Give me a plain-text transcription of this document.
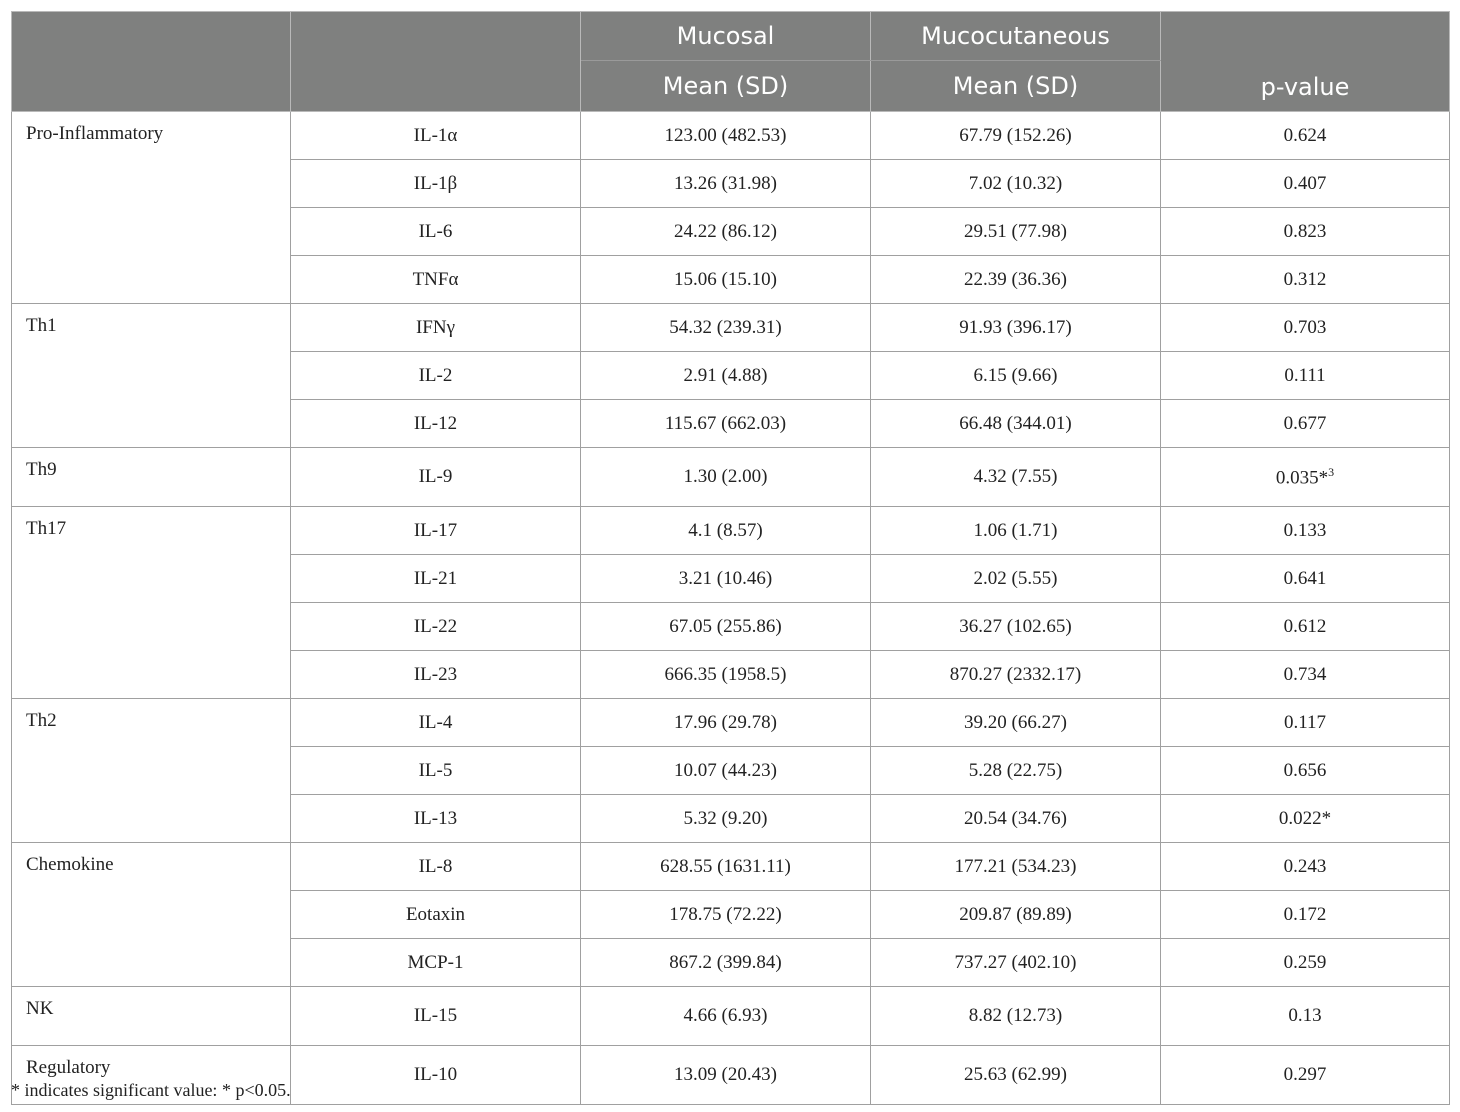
		Mucosal	Mucocutaneous	p-value
		Mean (SD)	Mean (SD)	
Pro-Inflammatory	IL-1α	123.00 (482.53)	67.79 (152.26)	0.624
	IL-1β	13.26 (31.98)	7.02 (10.32)	0.407
	IL-6	24.22 (86.12)	29.51 (77.98)	0.823
	TNFα	15.06 (15.10)	22.39 (36.36)	0.312
Th1	IFNγ	54.32 (239.31)	91.93 (396.17)	0.703
	IL-2	2.91 (4.88)	6.15 (9.66)	0.111
	IL-12	115.67 (662.03)	66.48 (344.01)	0.677
Th9	IL-9	1.30 (2.00)	4.32 (7.55)	0.035*$^3$
Th17	IL-17	4.1 (8.57)	1.06 (1.71)	0.133
	IL-21	3.21 (10.46)	2.02 (5.55)	0.641
	IL-22	67.05 (255.86)	36.27 (102.65)	0.612
	IL-23	666.35 (1958.5)	870.27 (2332.17)	0.734
Th2	IL-4	17.96 (29.78)	39.20 (66.27)	0.117
	IL-5	10.07 (44.23)	5.28 (22.75)	0.656
	IL-13	5.32 (9.20)	20.54 (34.76)	0.022*
Chemokine	IL-8	628.55 (1631.11)	177.21 (534.23)	0.243
	Eotaxin	178.75 (72.22)	209.87 (89.89)	0.172
	MCP-1	867.2 (399.84)	737.27 (402.10)	0.259
NK	IL-15	4.66 (6.93)	8.82 (12.73)	0.13
Regulatory	IL-10	13.09 (20.43)	25.63 (62.99)	0.297
* indicates significant value: * p<0.05.
